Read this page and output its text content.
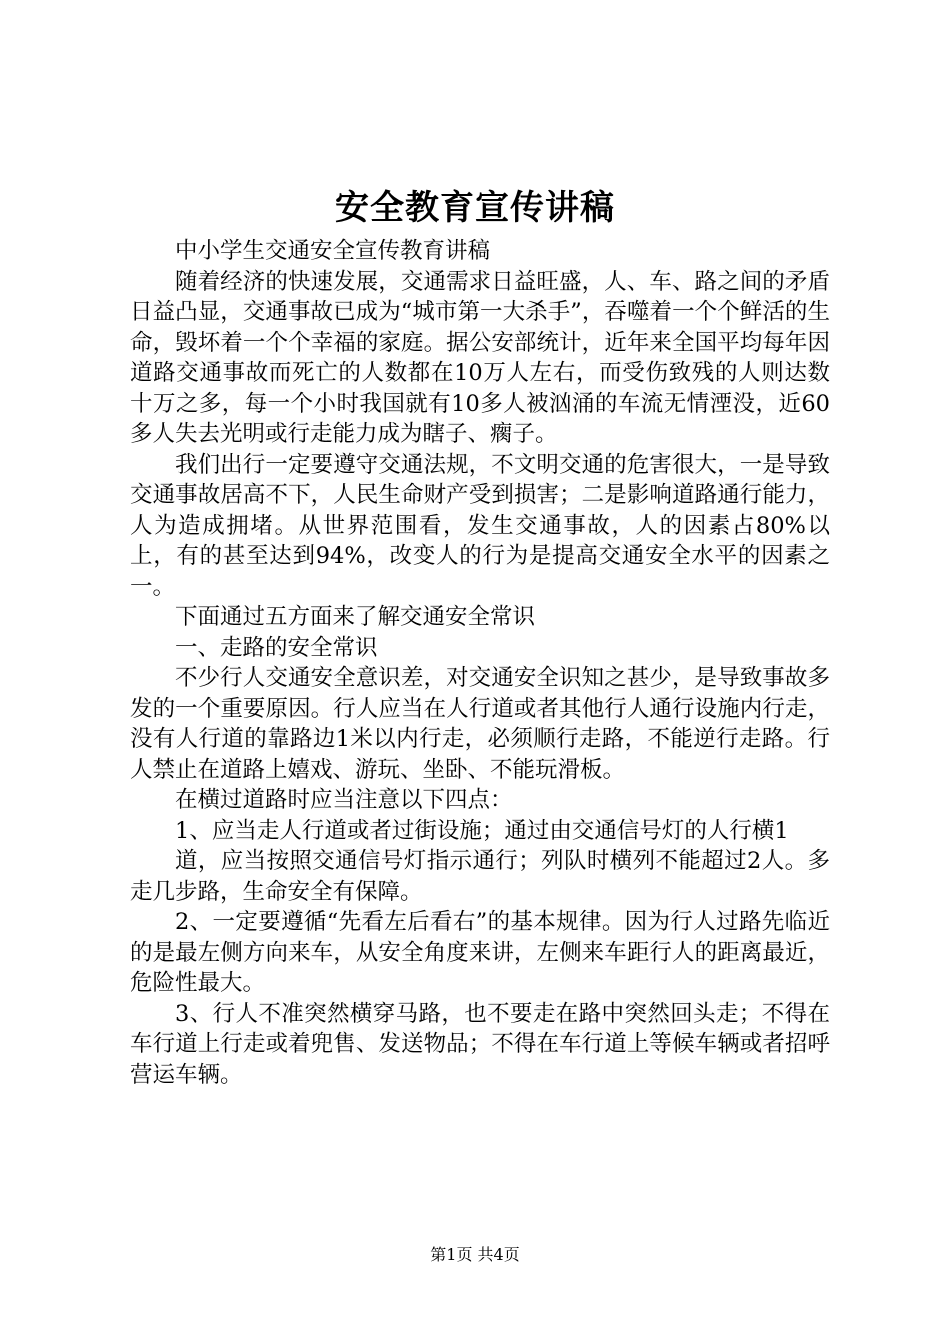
安全教育宣传讲稿

中小学生交通安全宣传教育讲稿

随着经济的快速发展，交通需求日益旺盛，人、车、路之间的矛盾日益凸显，交通事故已成为“城市第一大杀手”，吞噬着一个个鲜活的生命，毁坏着一个个幸福的家庭。据公安部统计，近年来全国平均每年因道路交通事故而死亡的人数都在10万人左右，而受伤致残的人则达数十万之多，每一个小时我国就有10多人被汹涌的车流无情湮没，近60多人失去光明或行走能力成为瞎子、瘸子。

我们出行一定要遵守交通法规，不文明交通的危害很大，一是导致交通事故居高不下，人民生命财产受到损害；二是影响道路通行能力，人为造成拥堵。从世界范围看，发生交通事故，人的因素占80%以上，有的甚至达到94%，改变人的行为是提高交通安全水平的因素之一。

下面通过五方面来了解交通安全常识

一、走路的安全常识

不少行人交通安全意识差，对交通安全识知之甚少，是导致事故多发的一个重要原因。行人应当在人行道或者其他行人通行设施内行走，没有人行道的靠路边1米以内行走，必须顺行走路，不能逆行走路。行人禁止在道路上嬉戏、游玩、坐卧、不能玩滑板。

在横过道路时应当注意以下四点：

1、应当走人行道或者过街设施；通过由交通信号灯的人行横1

道，应当按照交通信号灯指示通行；列队时横列不能超过2人。多走几步路，生命安全有保障。

2、一定要遵循“先看左后看右”的基本规律。因为行人过路先临近的是最左侧方向来车，从安全角度来讲，左侧来车距行人的距离最近，危险性最大。

3、行人不准突然横穿马路，也不要走在路中突然回头走；不得在车行道上行走或着兜售、发送物品；不得在车行道上等候车辆或者招呼营运车辆。

第1页 共4页
